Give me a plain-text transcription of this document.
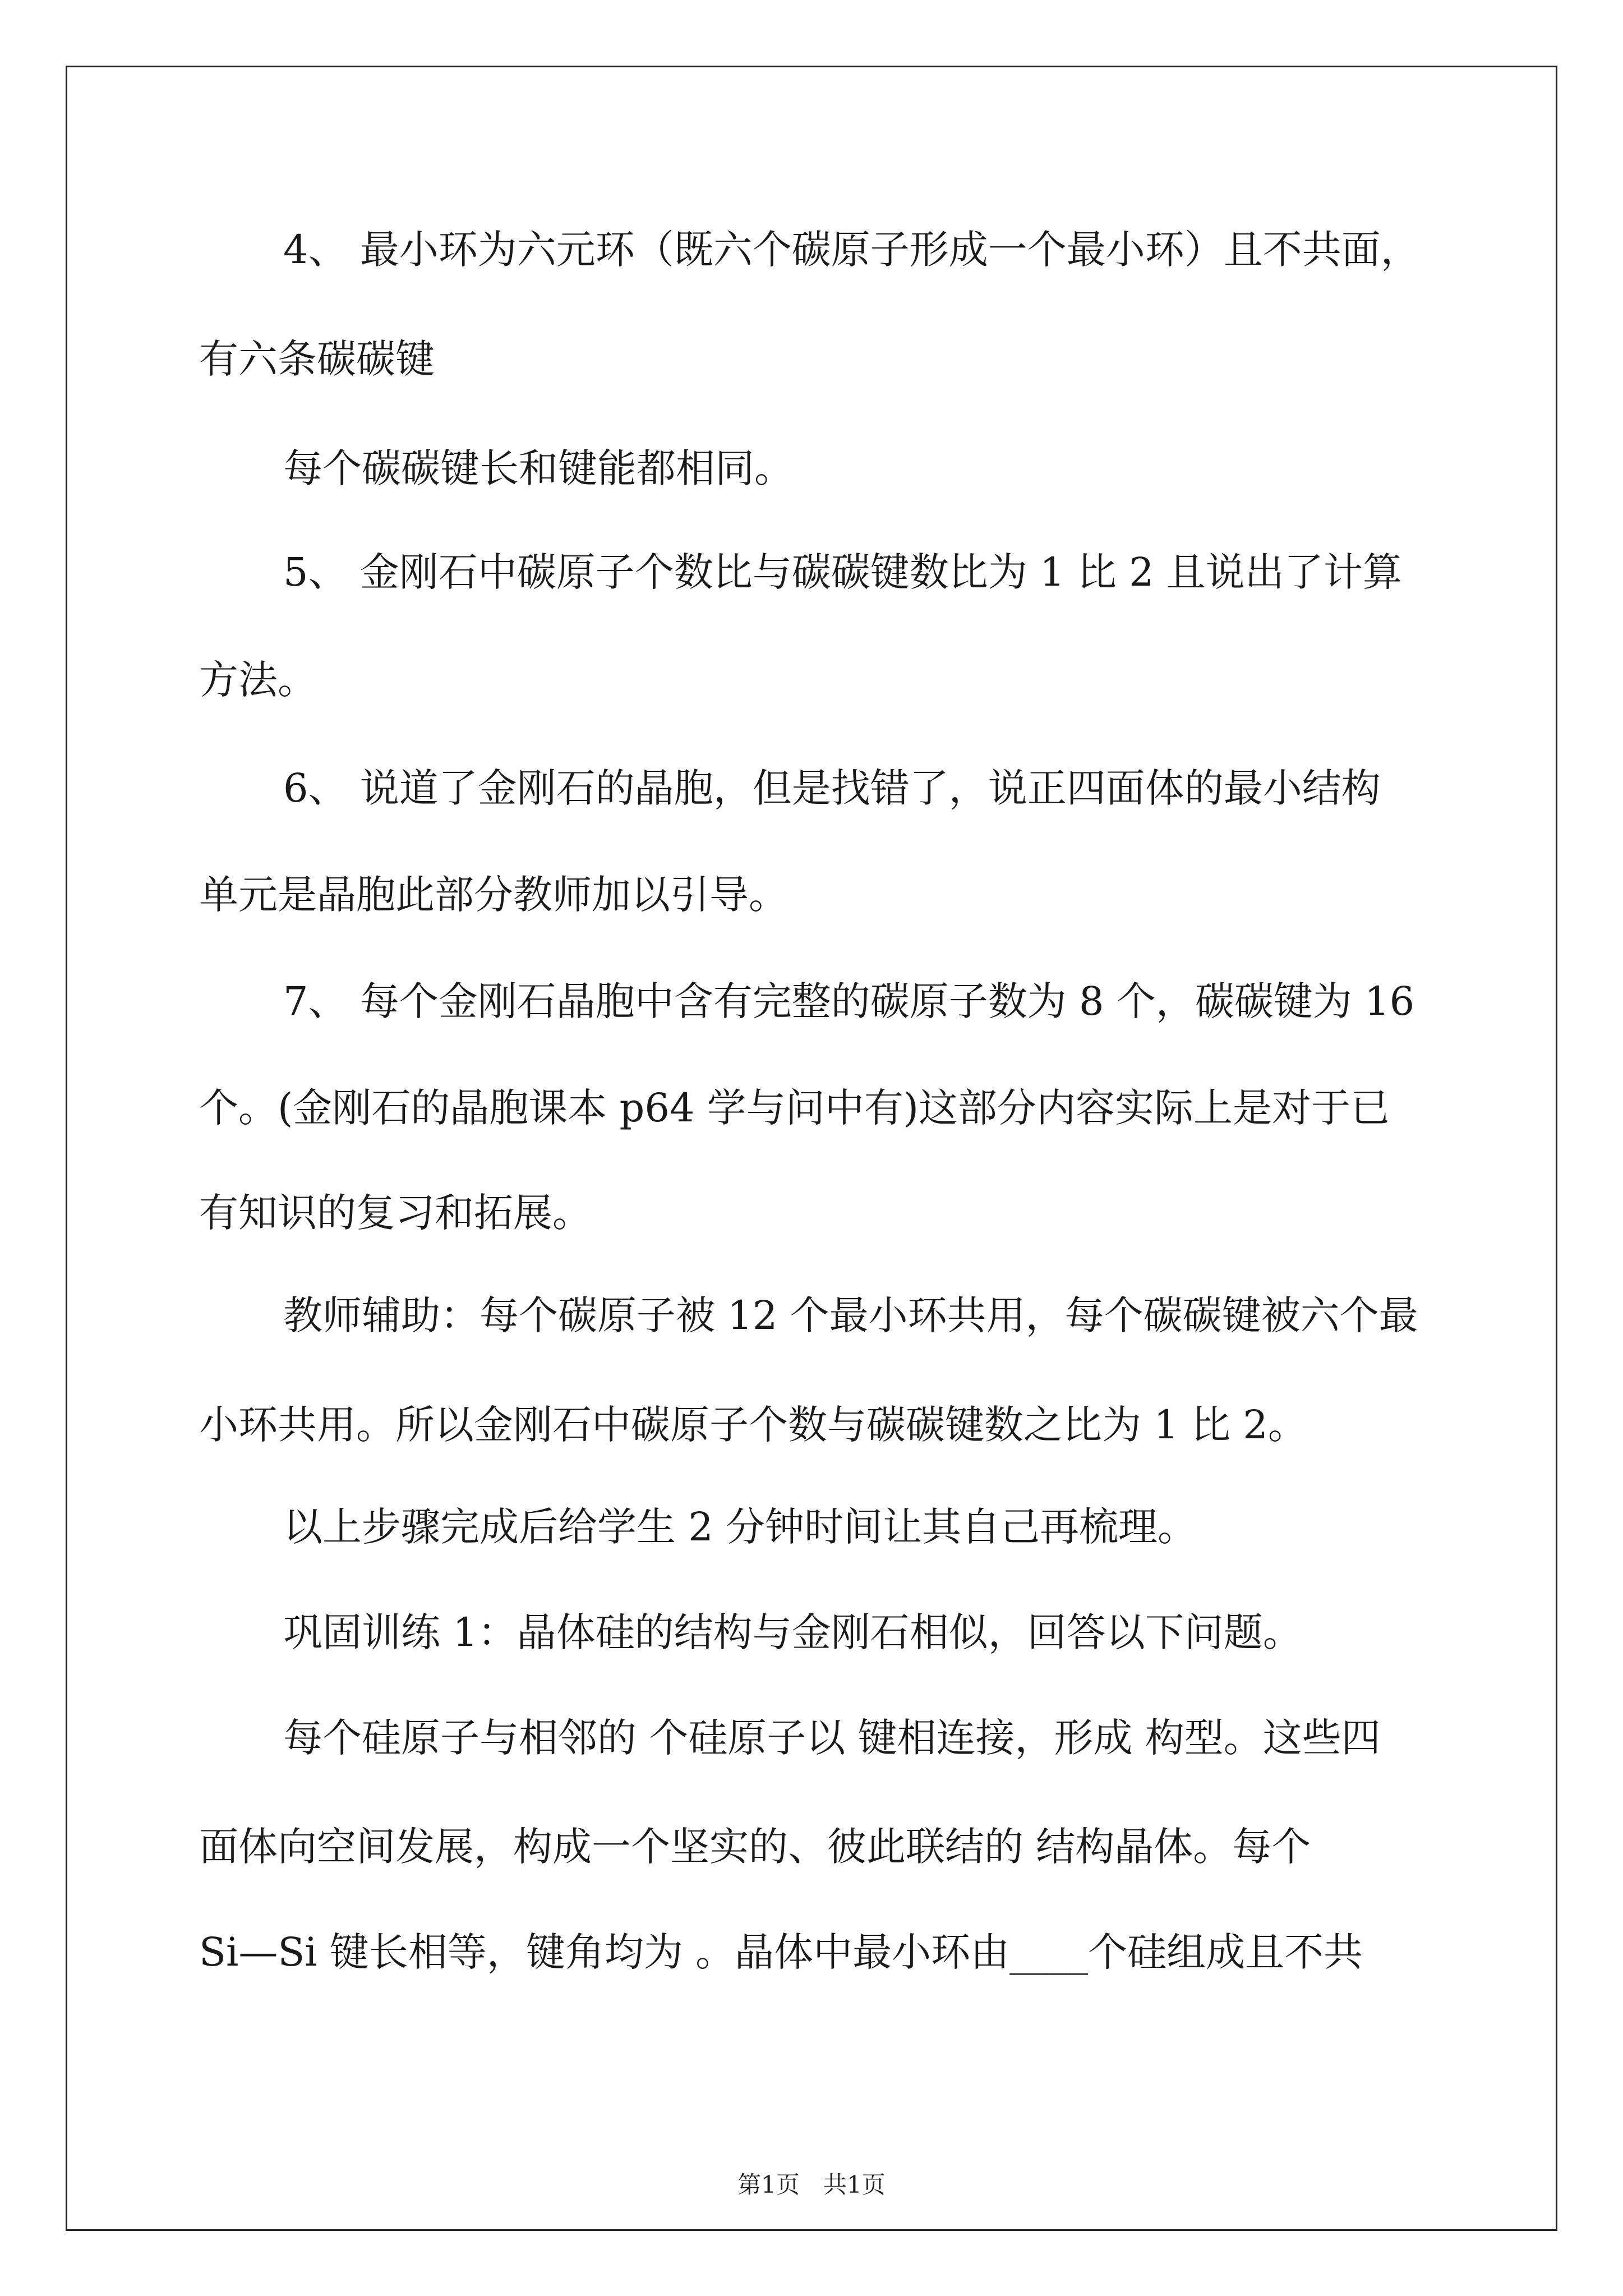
4、 最小环为六元环（既六个碳原子形成一个最小环）且不共面，
有六条碳碳键
每个碳碳键长和键能都相同。
5、 金刚石中碳原子个数比与碳碳键数比为 1 比 2 且说出了计算
方法。
6、 说道了金刚石的晶胞，但是找错了，说正四面体的最小结构
单元是晶胞此部分教师加以引导。
7、 每个金刚石晶胞中含有完整的碳原子数为 8 个，碳碳键为 16
个。(金刚石的晶胞课本 p64 学与问中有)这部分内容实际上是对于已
有知识的复习和拓展。
教师辅助：每个碳原子被 12 个最小环共用，每个碳碳键被六个最
小环共用。所以金刚石中碳原子个数与碳碳键数之比为 1 比 2。
以上步骤完成后给学生 2 分钟时间让其自己再梳理。
巩固训练 1：晶体硅的结构与金刚石相似，回答以下问题。
每个硅原子与相邻的 个硅原子以 键相连接，形成 构型。这些四
面体向空间发展，构成一个坚实的、彼此联结的 结构晶体。每个
Si—Si 键长相等，键角均为 。晶体中最小环由____个硅组成且不共
第1页　共1页
